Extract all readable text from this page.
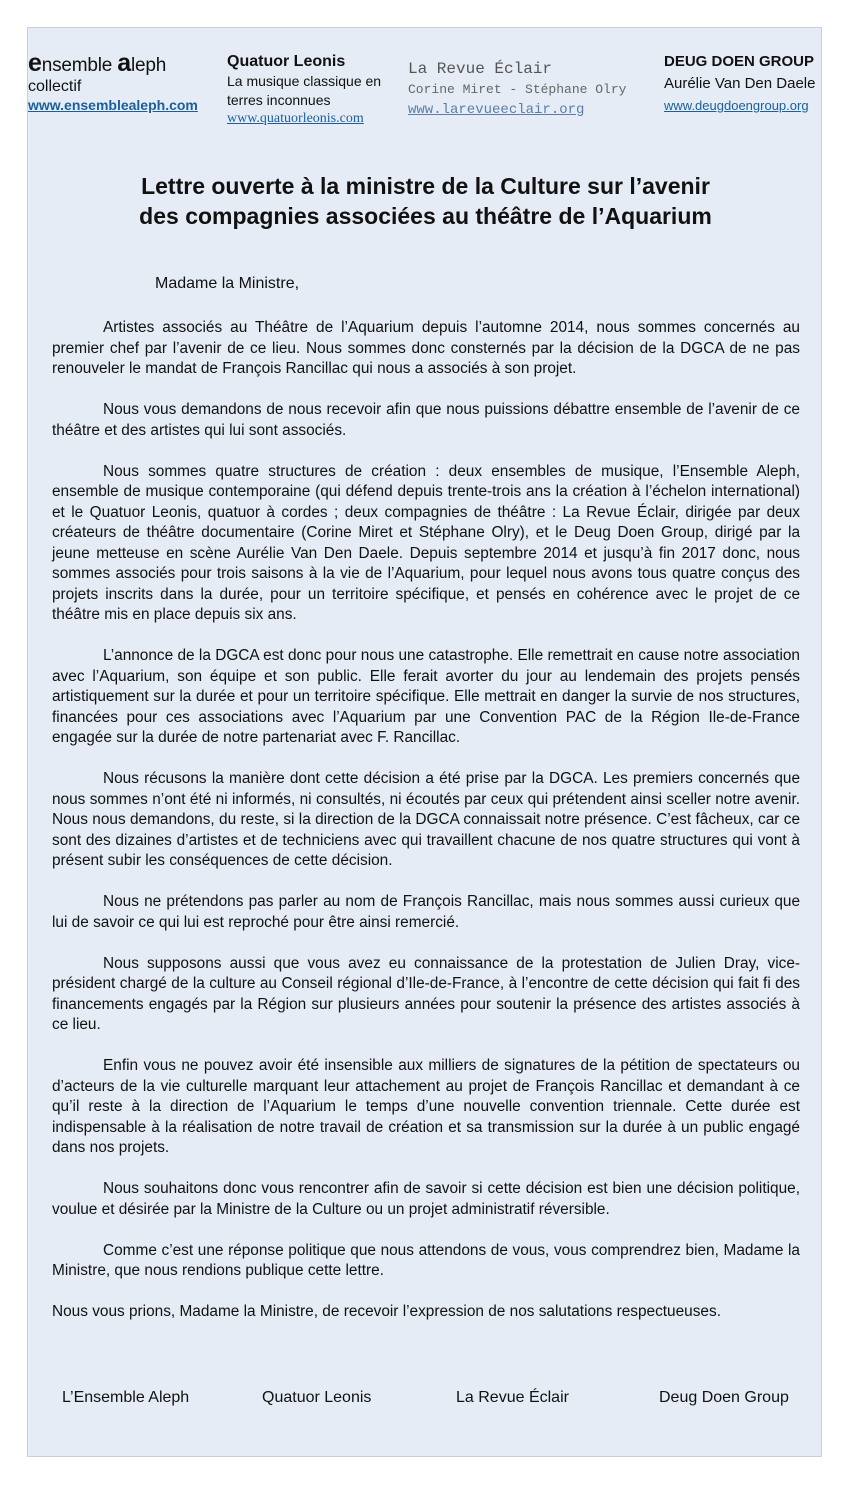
ensemble aleph
collectif
www.ensemblealeph.com
Quatuor Leonis
La musique classique en
terres inconnues
www.quatuorleonis.com
La Revue Éclair
Corine Miret - Stéphane Olry
www.larevueeclair.org
DEUG DOEN GROUP
Aurélie Van Den Daele
www.deugdoengroup.org
Lettre ouverte à la ministre de la Culture sur l’avenir
des compagnies associées au théâtre de l’Aquarium
Madame la Ministre,

Artistes associés au Théâtre de l’Aquarium depuis l’automne 2014, nous sommes concernés au premier chef par l’avenir de ce lieu. Nous sommes donc consternés par la décision de la DGCA de ne pas renouveler le mandat de François Rancillac qui nous a associés à son projet.

Nous vous demandons de nous recevoir afin que nous puissions débattre ensemble de l’avenir de ce théâtre et des artistes qui lui sont associés.

Nous sommes quatre structures de création : deux ensembles de musique, l’Ensemble Aleph, ensemble de musique contemporaine (qui défend depuis trente-trois ans la création à l’échelon international) et le Quatuor Leonis, quatuor à cordes ; deux compagnies de théâtre : La Revue Éclair, dirigée par deux créateurs de théâtre documentaire (Corine Miret et Stéphane Olry), et le Deug Doen Group, dirigé par la jeune metteuse en scène Aurélie Van Den Daele. Depuis septembre 2014 et jusqu’à fin 2017 donc, nous sommes associés pour trois saisons à la vie de l’Aquarium, pour lequel nous avons tous quatre conçus des projets inscrits dans la durée, pour un territoire spécifique, et pensés en cohérence avec le projet de ce théâtre mis en place depuis six ans.

L’annonce de la DGCA est donc pour nous une catastrophe. Elle remettrait en cause notre association avec l’Aquarium, son équipe et son public. Elle ferait avorter du jour au lendemain des projets pensés artistiquement sur la durée et pour un territoire spécifique. Elle mettrait en danger la survie de nos structures, financées pour ces associations avec l’Aquarium par une Convention PAC de la Région Ile-de-France engagée sur la durée de notre partenariat avec F. Rancillac.

Nous récusons la manière dont cette décision a été prise par la DGCA. Les premiers concernés que nous sommes n’ont été ni informés, ni consultés, ni écoutés par ceux qui prétendent ainsi sceller notre avenir. Nous nous demandons, du reste, si la direction de la DGCA connaissait notre présence. C’est fâcheux, car ce sont des dizaines d’artistes et de techniciens avec qui travaillent chacune de nos quatre structures qui vont à présent subir les conséquences de cette décision.

Nous ne prétendons pas parler au nom de François Rancillac, mais nous sommes aussi curieux que lui de savoir ce qui lui est reproché pour être ainsi remercié.

Nous supposons aussi que vous avez eu connaissance de la protestation de Julien Dray, vice-président chargé de la culture au Conseil régional d’Ile-de-France, à l’encontre de cette décision qui fait fi des financements engagés par la Région sur plusieurs années pour soutenir la présence des artistes associés à ce lieu.

Enfin vous ne pouvez avoir été insensible aux milliers de signatures de la pétition de spectateurs ou d’acteurs de la vie culturelle marquant leur attachement au projet de François Rancillac et demandant à ce qu’il reste à la direction de l’Aquarium le temps d’une nouvelle convention triennale. Cette durée est indispensable à la réalisation de notre travail de création et sa transmission sur la durée à un public engagé dans nos projets.

Nous souhaitons donc vous rencontrer afin de savoir si cette décision est bien une décision politique, voulue et désirée par la Ministre de la Culture ou un projet administratif réversible.

Comme c’est une réponse politique que nous attendons de vous, vous comprendrez bien, Madame la Ministre, que nous rendions publique cette lettre.

Nous vous prions, Madame la Ministre, de recevoir l’expression de nos salutations respectueuses.

L’Ensemble Aleph	Quatuor Leonis	La Revue Éclair	Deug Doen Group
